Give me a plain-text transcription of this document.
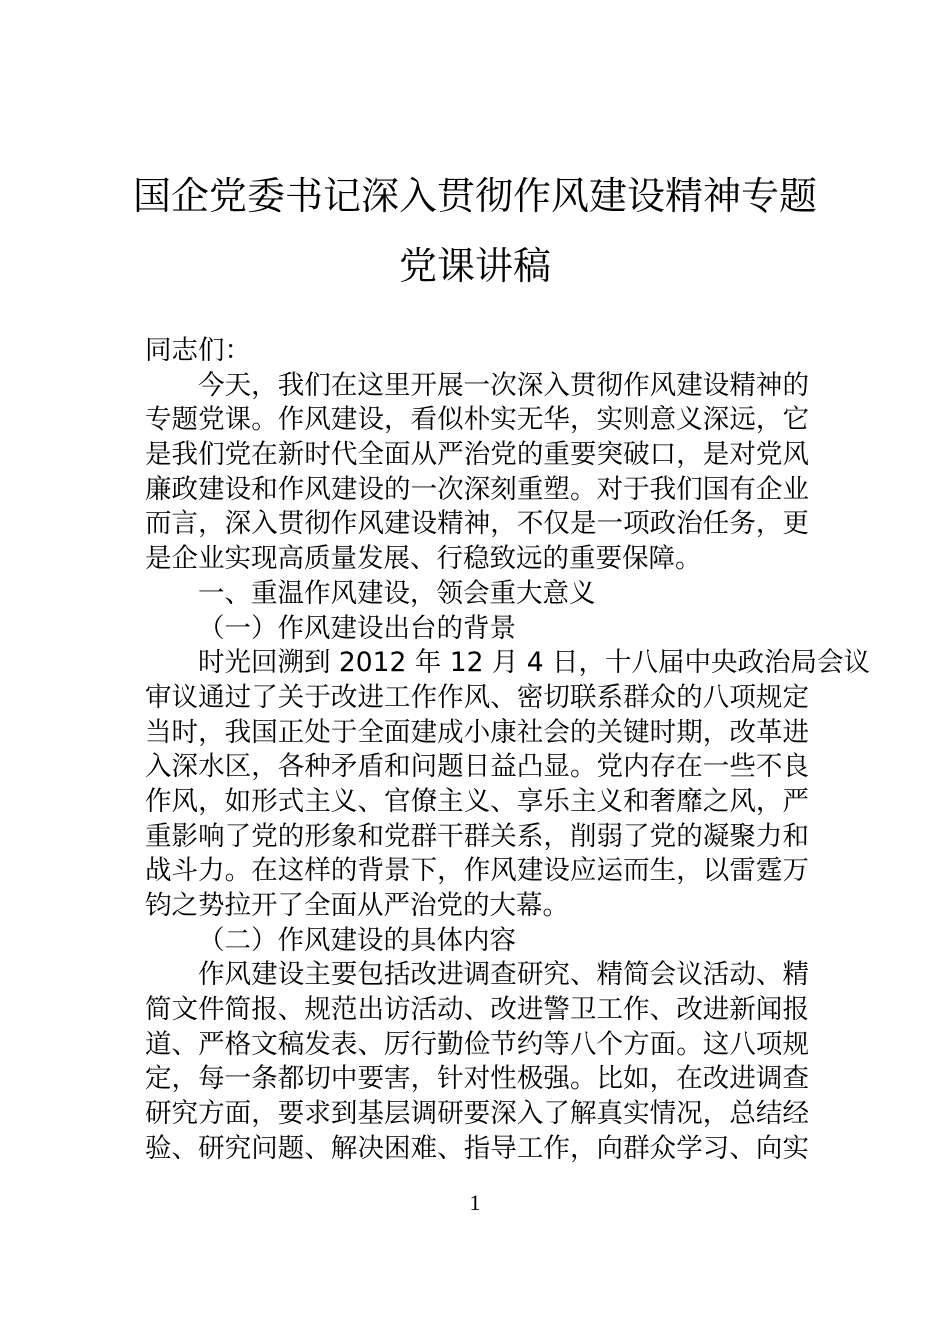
国企党委书记深入贯彻作风建设精神专题
党课讲稿
同志们：
今天，我们在这里开展一次深入贯彻作风建设精神的
专题党课。作风建设，看似朴实无华，实则意义深远，它
是我们党在新时代全面从严治党的重要突破口，是对党风
廉政建设和作风建设的一次深刻重塑。对于我们国有企业
而言，深入贯彻作风建设精神，不仅是一项政治任务，更
是企业实现高质量发展、行稳致远的重要保障。
一、重温作风建设，领会重大意义
（一）作风建设出台的背景
时光回溯到 2012 年 12 月 4 日，十八届中央政治局会议
审议通过了关于改进工作作风、密切联系群众的八项规定
当时，我国正处于全面建成小康社会的关键时期，改革进
入深水区，各种矛盾和问题日益凸显。党内存在一些不良
作风，如形式主义、官僚主义、享乐主义和奢靡之风，严
重影响了党的形象和党群干群关系，削弱了党的凝聚力和
战斗力。在这样的背景下，作风建设应运而生，以雷霆万
钧之势拉开了全面从严治党的大幕。
（二）作风建设的具体内容
作风建设主要包括改进调查研究、精简会议活动、精
简文件简报、规范出访活动、改进警卫工作、改进新闻报
道、严格文稿发表、厉行勤俭节约等八个方面。这八项规
定，每一条都切中要害，针对性极强。比如，在改进调查
研究方面，要求到基层调研要深入了解真实情况，总结经
验、研究问题、解决困难、指导工作，向群众学习、向实
1
